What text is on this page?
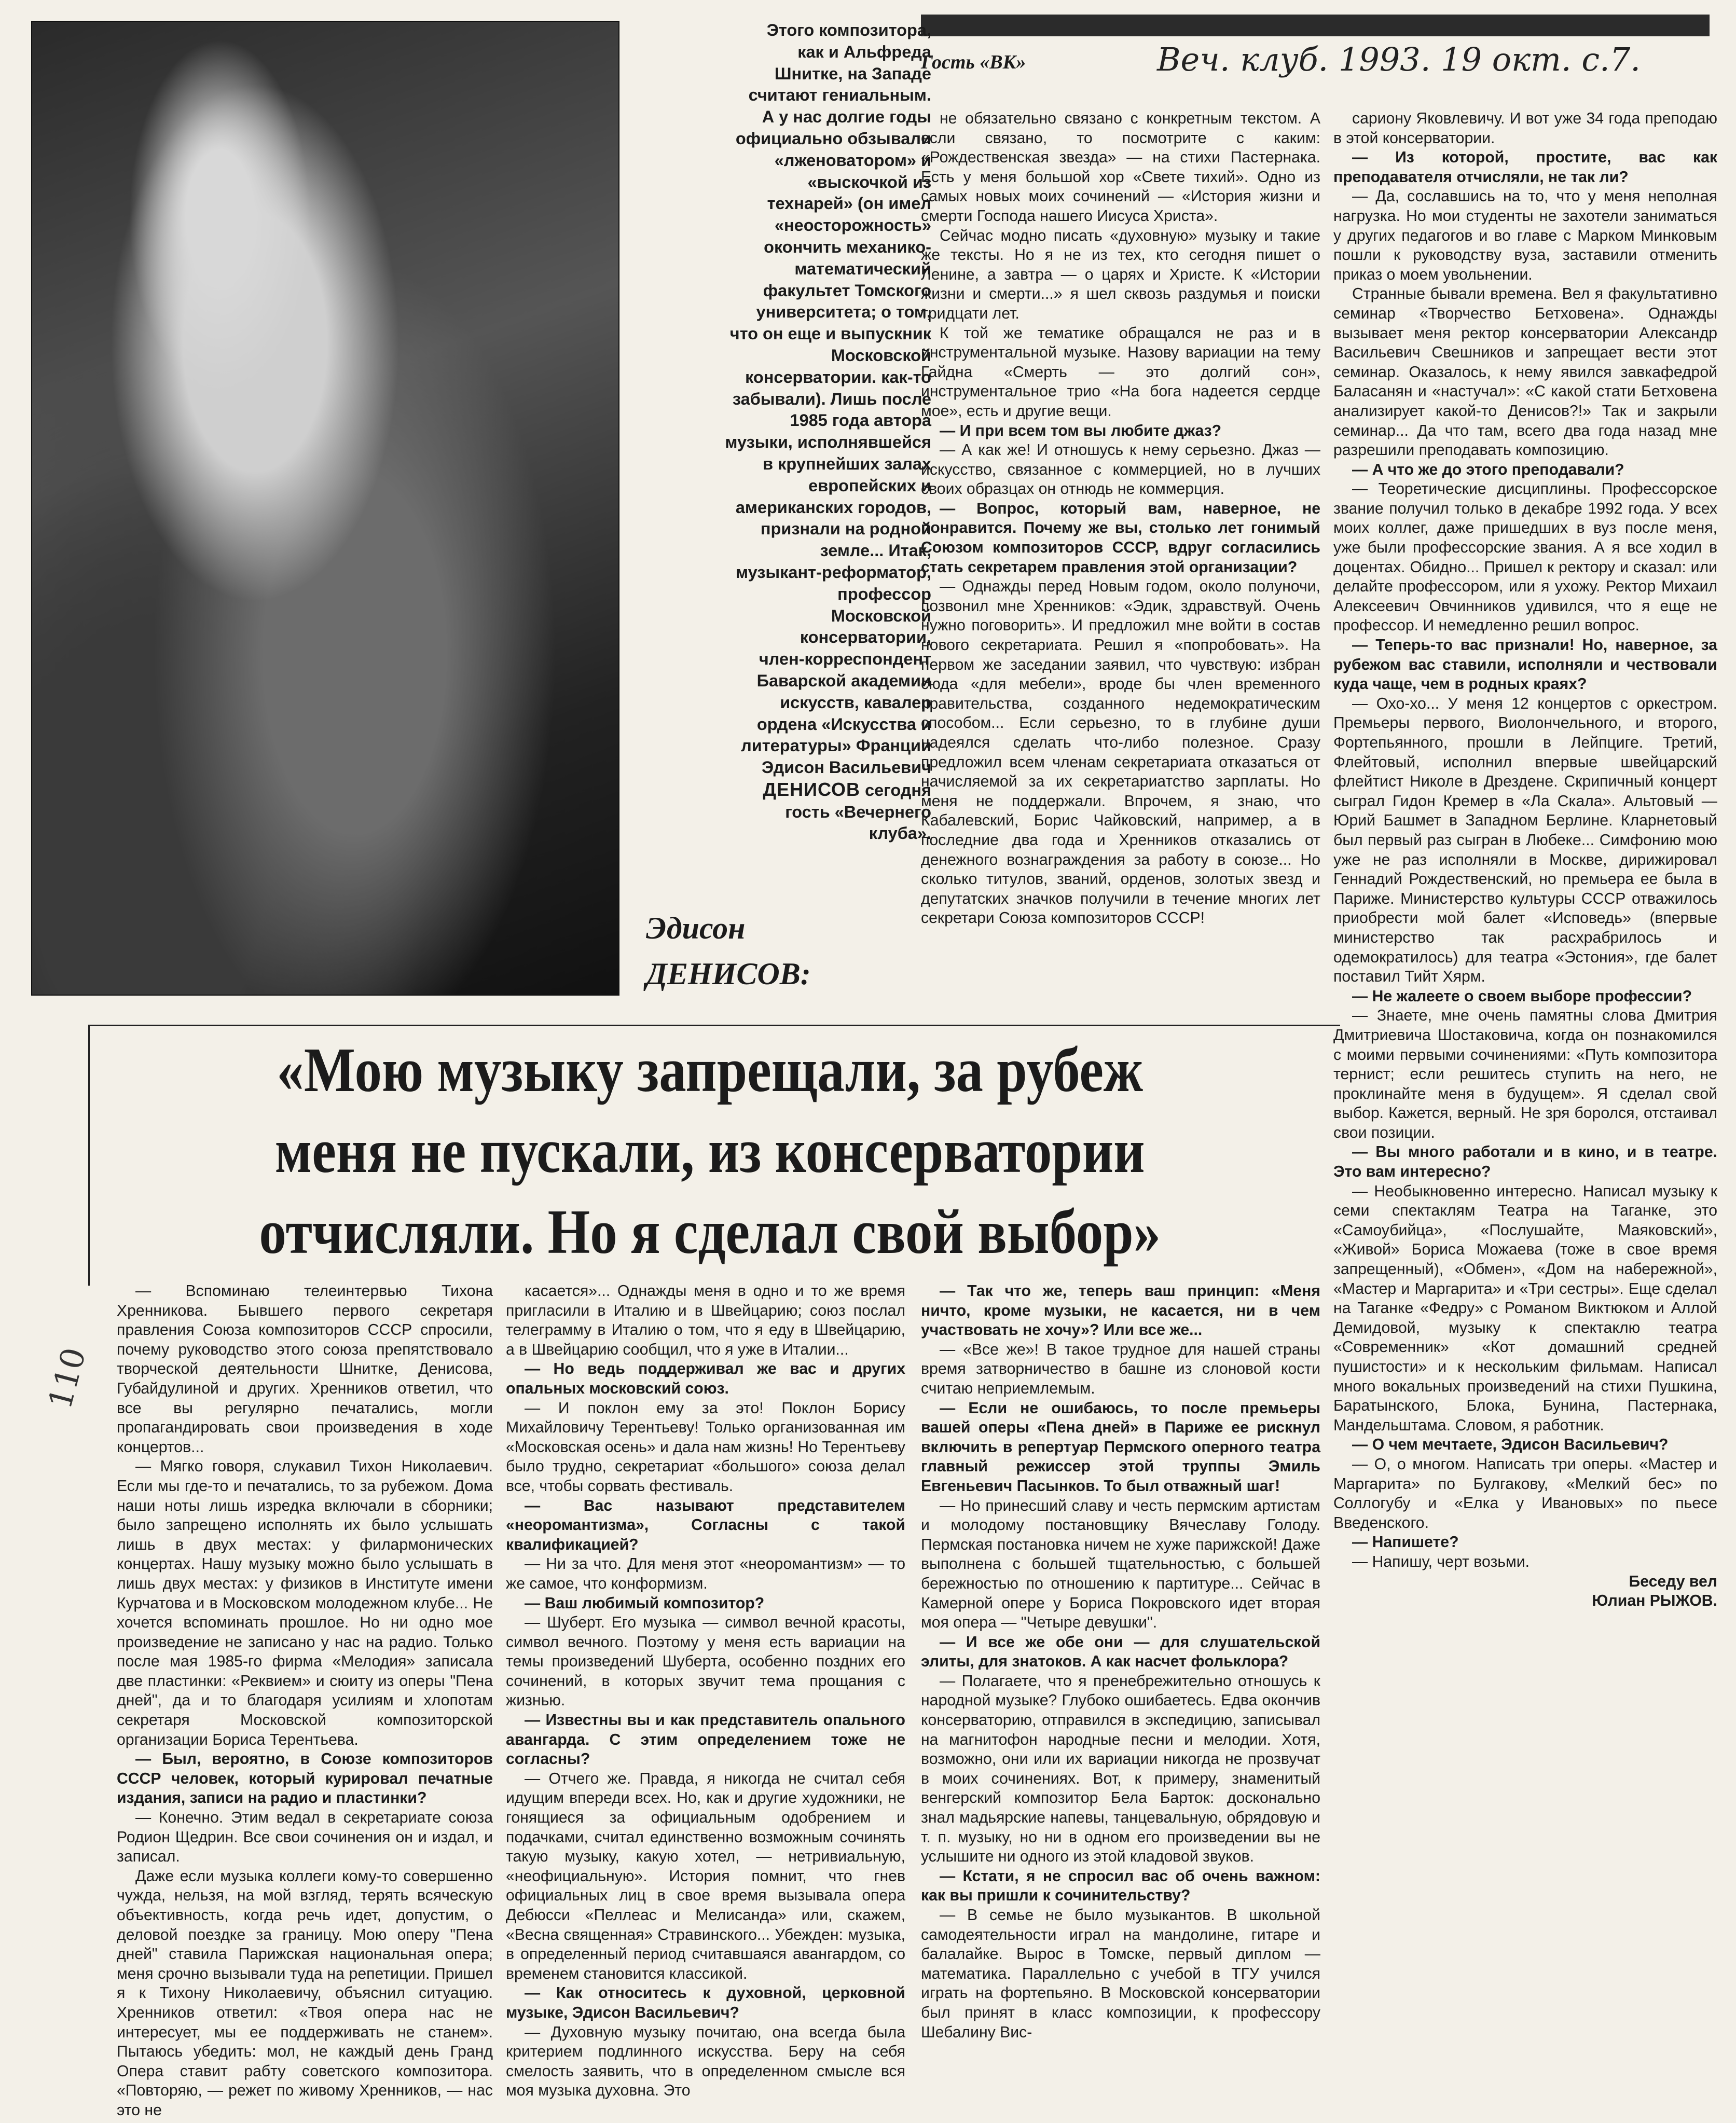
Гость «ВК»	Веч. клуб. 1993. 19 окт. с.7.
Этого композитора,
как и Альфреда
Шнитке, на Западе
считают гениальным.
А у нас долгие годы
официально обзывали
«лженоватором» и
«выскочкой из
технарей» (он имел
«неосторожность»
окончить механико-
математический
факультет Томского
университета; о том,
что он еще и выпускник
Московской
консерватории. как-то
забывали). Лишь после
1985 года автора
музыки, исполнявшейся
в крупнейших залах
европейских и
американских городов,
признали на родной
земле... Итак,
музыкант-реформатор,
профессор
Московской
консерватории,
член-корреспондент
Баварской академии
искусств, кавалер
ордена «Искусства и
литературы» Франции
Эдисон Васильевич
ДЕНИСОВ сегодня
гость «Вечернего
клуба».
Эдисон
ДЕНИСОВ:
«Мою музыку запрещали, за рубеж
меня не пускали, из консерватории
отчисляли. Но я сделал свой выбор»

не обязательно связано с конкретным текстом. А если связано, то посмотрите с каким: «Рождественская звезда» — на стихи Пастернака. Есть у меня большой хор «Свете тихий». Одно из самых новых моих сочинений — «История жизни и смерти Господа нашего Иисуса Христа».

Сейчас модно писать «духовную» музыку и такие же тексты. Но я не из тех, кто сегодня пишет о Ленине, а завтра — о царях и Христе. К «Истории жизни и смерти...» я шел сквозь раздумья и поиски тридцати лет.

К той же тематике обращался не раз и в инструментальной музыке. Назову вариации на тему Гайдна «Смерть — это долгий сон», инструментальное трио «На бога надеется сердце мое», есть и другие вещи.

— И при всем том вы любите джаз?

— А как же! И отношусь к нему серьезно. Джаз — искусство, связанное с коммерцией, но в лучших своих образцах он отнюдь не коммерция.

— Вопрос, который вам, наверное, не понравится. Почему же вы, столько лет гонимый Союзом композиторов СССР, вдруг согласились стать секретарем правления этой организации?

— Однажды перед Новым годом, около полуночи, позвонил мне Хренников: «Эдик, здравствуй. Очень нужно поговорить». И предложил мне войти в состав нового секретариата. Решил я «попробовать». На первом же заседании заявил, что чувствую: избран сюда «для мебели», вроде бы член временного правительства, созданного недемократическим способом... Если серьезно, то в глубине души надеялся сделать что-либо полезное. Сразу предложил всем членам секретариата отказаться от начисляемой за их секретариатство зарплаты. Но меня не поддержали. Впрочем, я знаю, что Кабалевский, Борис Чайковский, например, а в последние два года и Хренников отказались от денежного вознаграждения за работу в союзе... Но сколько титулов, званий, орденов, золотых звезд и депутатских значков получили в течение многих лет секретари Союза композиторов СССР!

сариону Яковлевичу. И вот уже 34 года преподаю в этой консерватории.

— Из которой, простите, вас как преподавателя отчисляли, не так ли?

— Да, сославшись на то, что у меня неполная нагрузка. Но мои студенты не захотели заниматься у других педагогов и во главе с Марком Минковым пошли к руководству вуза, заставили отменить приказ о моем увольнении.

Странные бывали времена. Вел я факультативно семинар «Творчество Бетховена». Однажды вызывает меня ректор консерватории Александр Васильевич Свешников и запрещает вести этот семинар. Оказалось, к нему явился завкафедрой Баласанян и «настучал»: «С какой стати Бетховена анализирует какой-то Денисов?!» Так и закрыли семинар... Да что там, всего два года назад мне разрешили преподавать композицию.

— А что же до этого преподавали?

— Теоретические дисциплины. Профессорское звание получил только в декабре 1992 года. У всех моих коллег, даже пришедших в вуз после меня, уже были профессорские звания. А я все ходил в доцентах. Обидно... Пришел к ректору и сказал: или делайте профессором, или я ухожу. Ректор Михаил Алексеевич Овчинников удивился, что я еще не профессор. И немедленно решил вопрос.

— Теперь-то вас признали! Но, наверное, за рубежом вас ставили, исполняли и чествовали куда чаще, чем в родных краях?

— Охо-хо... У меня 12 концертов с оркестром. Премьеры первого, Виолончельного, и второго, Фортепьянного, прошли в Лейпциге. Третий, Флейтовый, исполнил впервые швейцарский флейтист Николе в Дрездене. Скрипичный концерт сыграл Гидон Кремер в «Ла Скала». Альтовый — Юрий Башмет в Западном Берлине. Кларнетовый был первый раз сыгран в Любеке... Симфонию мою уже не раз исполняли в Москве, дирижировал Геннадий Рождественский, но премьера ее была в Париже. Министерство культуры СССР отважилось приобрести мой балет «Исповедь» (впервые министерство так расхрабрилось и одемократилось) для театра «Эстония», где балет поставил Тийт Хярм.

— Не жалеете о своем выборе профессии?

— Знаете, мне очень памятны слова Дмитрия Дмитриевича Шостаковича, когда он познакомился с моими первыми сочинениями: «Путь композитора тернист; если решитесь ступить на него, не проклинайте меня в будущем». Я сделал свой выбор. Кажется, верный. Не зря боролся, отстаивал свои позиции.

— Вы много работали и в кино, и в театре. Это вам интересно?

— Необыкновенно интересно. Написал музыку к семи спектаклям Театра на Таганке, это «Самоубийца», «Послушайте, Маяковский», «Живой» Бориса Можаева (тоже в свое время запрещенный), «Обмен», «Дом на набережной», «Мастер и Маргарита» и «Три сестры». Еще сделал на Таганке «Федру» с Романом Виктюком и Аллой Демидовой, музыку к спектаклю театра «Современник» «Кот домашний средней пушистости» и к нескольким фильмам. Написал много вокальных произведений на стихи Пушкина, Баратынского, Блока, Бунина, Пастернака, Мандельштама. Словом, я работник.

— О чем мечтаете, Эдисон Васильевич?

— О, о многом. Написать три оперы. «Мастер и Маргарита» по Булгакову, «Мелкий бес» по Соллогубу и «Елка у Ивановых» по пьесе Введенского.

— Напишете?

— Напишу, черт возьми.

Беседу вел

Юлиан РЫЖОВ.

— Вспоминаю телеинтервью Тихона Хренникова. Бывшего первого секретаря правления Союза композиторов СССР спросили, почему руководство этого союза препятствовало творческой деятельности Шнитке, Денисова, Губайдулиной и других. Хренников ответил, что все вы регулярно печатались, могли пропагандировать свои произведения в ходе концертов...

— Мягко говоря, слукавил Тихон Николаевич. Если мы где-то и печатались, то за рубежом. Дома наши ноты лишь изредка включали в сборники; было запрещено исполнять их было услышать лишь в двух местах: у филармонических концертах. Нашу музыку можно было услышать в лишь двух местах: у физиков в Институте имени Курчатова и в Московском молодежном клубе... Не хочется вспоминать прошлое. Но ни одно мое произведение не записано у нас на радио. Только после мая 1985-го фирма «Мелодия» записала две пластинки: «Реквием» и сюиту из оперы "Пена дней", да и то благодаря усилиям и хлопотам секретаря Московской композиторской организации Бориса Терентьева.

— Был, вероятно, в Союзе композиторов СССР человек, который курировал печатные издания, записи на радио и пластинки?

— Конечно. Этим ведал в секретариате союза Родион Щедрин. Все свои сочинения он и издал, и записал.

Даже если музыка коллеги кому-то совершенно чужда, нельзя, на мой взгляд, терять всяческую объективность, когда речь идет, допустим, о деловой поездке за границу. Мою оперу "Пена дней" ставила Парижская национальная опера; меня срочно вызывали туда на репетиции. Пришел я к Тихону Николаевичу, объяснил ситуацию. Хренников ответил: «Твоя опера нас не интересует, мы ее поддерживать не станем». Пытаюсь убедить: мол, не каждый день Гранд Опера ставит рабту советского композитора. «Повторяю, — режет по живому Хренников, — нас это не

касается»... Однажды меня в одно и то же время пригласили в Италию и в Швейцарию; союз послал телеграмму в Италию о том, что я еду в Швейцарию, а в Швейцарию сообщил, что я уже в Италии...

— Но ведь поддерживал же вас и других опальных московский союз.

— И поклон ему за это! Поклон Борису Михайловичу Терентьеву! Только организованная им «Московская осень» и дала нам жизнь! Но Терентьеву было трудно, секретариат «большого» союза делал все, чтобы сорвать фестиваль.

— Вас называют представителем «неоромантизма», Согласны с такой квалификацией?

— Ни за что. Для меня этот «неоромантизм» — то же самое, что конформизм.

— Ваш любимый композитор?

— Шуберт. Его музыка — символ вечной красоты, символ вечного. Поэтому у меня есть вариации на темы произведений Шуберта, особенно поздних его сочинений, в которых звучит тема прощания с жизнью.

— Известны вы и как представитель опального авангарда. С этим определением тоже не согласны?

— Отчего же. Правда, я никогда не считал себя идущим впереди всех. Но, как и другие художники, не гонящиеся за официальным одобрением и подачками, считал единственно возможным сочинять такую музыку, какую хотел, — нетривиальную, «неофициальную». История помнит, что гнев официальных лиц в свое время вызывала опера Дебюсси «Пеллеас и Мелисанда» или, скажем, «Весна священная» Стравинского... Убежден: музыка, в определенный период считавшаяся авангардом, со временем становится классикой.

— Как относитесь к духовной, церковной музыке, Эдисон Васильевич?

— Духовную музыку почитаю, она всегда была критерием подлинного искусства. Беру на себя смелость заявить, что в определенном смысле вся моя музыка духовна. Это

— Так что же, теперь ваш принцип: «Меня ничто, кроме музыки, не касается, ни в чем участвовать не хочу»? Или все же...

— «Все же»! В такое трудное для нашей страны время затворничество в башне из слоновой кости считаю неприемлемым.

— Если не ошибаюсь, то после премьеры вашей оперы «Пена дней» в Париже ее рискнул включить в репертуар Пермского оперного театра главный режиссер этой труппы Эмиль Евгеньевич Пасынков. То был отважный шаг!

— Но принесший славу и честь пермским артистам и молодому постановщику Вячеславу Голоду. Пермская постановка ничем не хуже парижской! Даже выполнена с большей тщательностью, с большей бережностью по отношению к партитуре... Сейчас в Камерной опере у Бориса Покровского идет вторая моя опера — "Четыре девушки".

— И все же обе они — для слушательской элиты, для знатоков. А как насчет фольклора?

— Полагаете, что я пренебрежительно отношусь к народной музыке? Глубоко ошибаетесь. Едва окончив консерваторию, отправился в экспедицию, записывал на магнитофон народные песни и мелодии. Хотя, возможно, они или их вариации никогда не прозвучат в моих сочинениях. Вот, к примеру, знаменитый венгерский композитор Бела Барток: досконально знал мадьярские напевы, танцевальную, обрядовую и т. п. музыку, но ни в одном его произведении вы не услышите ни одного из этой кладовой звуков.

— Кстати, я не спросил вас об очень важном: как вы пришли к сочинительству?

— В семье не было музыкантов. В школьной самодеятельности играл на мандолине, гитаре и балалайке. Вырос в Томске, первый диплом — математика. Параллельно с учебой в ТГУ учился играть на фортепьяно. В Московской консерватории был принят в класс композиции, к профессору Шебалину Вис-

110
